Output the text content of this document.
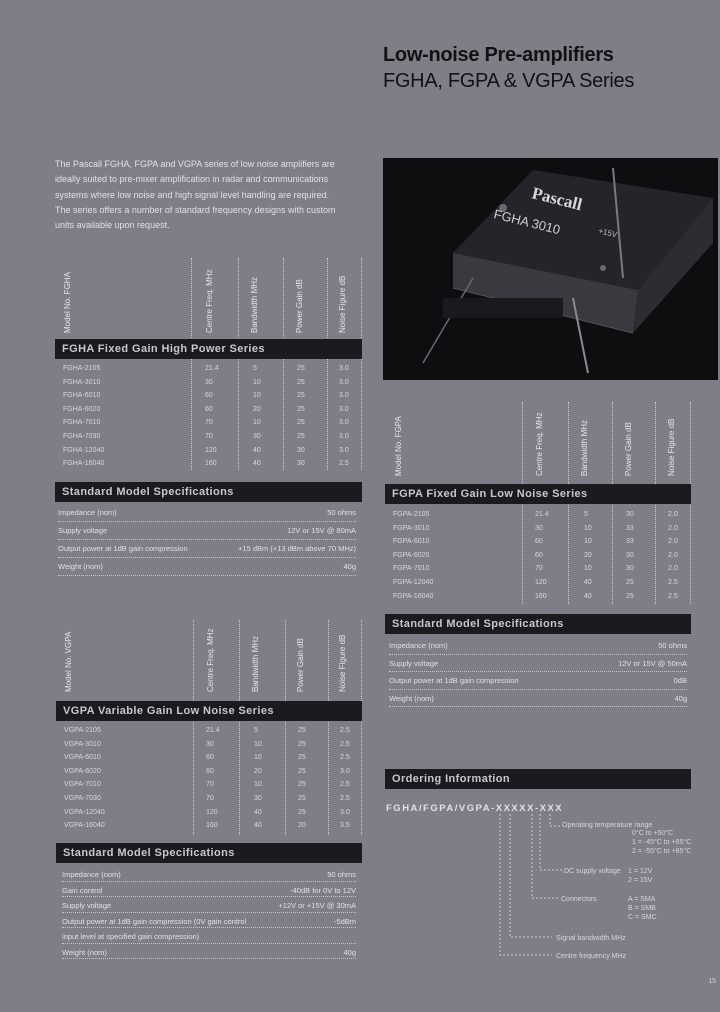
Low-noise Pre-amplifiers
FGHA, FGPA & VGPA Series
The Pascall FGHA, FGPA and VGPA series of low noise amplifiers are
ideally suited to pre-mixer amplification in radar and communications
systems where low noise and high signal level handling are required.
The series offers a number of standard frequency designs with custom
units available upon request.
Pascall
FGHA 3010	+15V
Model No. FGHA	Centre Freq. MHz	Bandwidth MHz	Power Gain dB	Noise Figure dB
FGHA Fixed Gain High Power Series
FGHA-2105	21.4	5	25	3.0
FGHA-3010	30	10	25	3.0
FGHA-6010	60	10	25	3.0
FGHA-6020	60	20	25	3.0
FGHA-7010	70	10	25	3.0
FGHA-7030	70	30	25	3.0
FGHA-12040	120	40	30	3.0
FGHA-16040	160	40	30	2.5
Standard Model Specifications
Impedance (nom)	50 ohms
Supply voltage	12V or 15V @ 80mA
Output power at 1dB gain compression	+15 dBm (+13 dBm above 70 MHz)
Weight (nom)	40g
Model No. FGPA	Centre Freq. MHz	Bandwidth MHz	Power Gain dB	Noise Figure dB
FGPA Fixed Gain Low Noise Series
FGPA-2105	21.4	5	30	2.0
FGPA-3010	30	10	33	2.0
FGPA-6010	60	10	33	2.0
FGPA-6020	60	20	30	2.0
FGPA-7010	70	10	30	2.0
FGPA-12040	120	40	25	2.5
FGPA-16040	160	40	25	2.5
Standard Model Specifications
Impedance (nom)	50 ohms
Supply voltage	12V or 15V @ 50mA
Output power at 1dB gain compression	0dB
Weight (nom)	40g
Model No. VGPA	Centre Freq. MHz	Bandwidth MHz	Power Gain dB	Noise Figure dB
VGPA Variable Gain Low Noise Series
VGPA-2105	21.4	5	25	2.5
VGPA-3010	30	10	25	2.5
VGPA-6010	60	10	25	2.5
VGPA-6020	60	20	25	3.0
VGPA-7010	70	10	25	2.5
VGPA-7030	70	30	25	2.5
VGPA-12040	120	40	25	3.0
VGPA-16040	160	40	20	3.5
Standard Model Specifications
Impedance (nom)	50 ohms
Gain control	-40dB for 0V to 12V
Supply voltage	+12V or +15V @ 30mA
Output power at 1dB gain compression (0V gain control	-5dBm
input level at specified gain compression)
Weight (nom)	40g
Ordering Information
FGHA/FGPA/VGPA-XXXXX-XXX
Operating temperature range
0°C to +50°C
1 = -45°C to +85°C
2 = -55°C to +85°C
DC supply voltage 1 = 12V
2 = 15V
Connectors	A = SMA
B = SMB
C = SMC
Signal bandwidth MHz
Centre frequency MHz
15
